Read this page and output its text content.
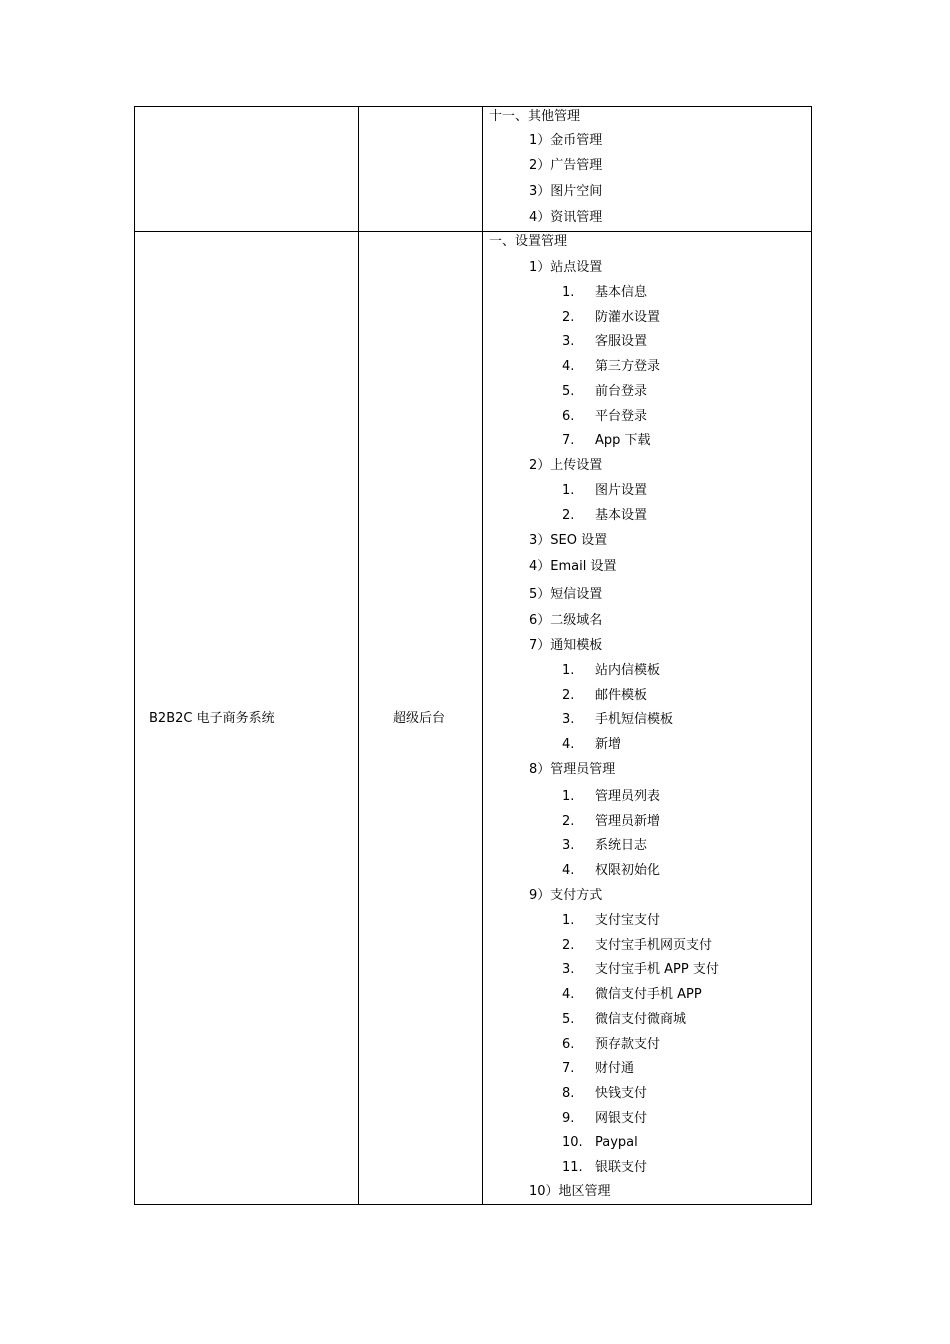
十一、其他管理
1）金币管理
2）广告管理
3）图片空间
4）资讯管理
B2B2C 电子商务系统	超级后台
一、设置管理
1）站点设置
1. 基本信息
2. 防灌水设置
3. 客服设置
4. 第三方登录
5. 前台登录
6. 平台登录
7. App 下载
2）上传设置
1. 图片设置
2. 基本设置
3）SEO 设置
4）Email 设置
5）短信设置
6）二级域名
7）通知模板
1. 站内信模板
2. 邮件模板
3. 手机短信模板
4. 新增
8）管理员管理
1. 管理员列表
2. 管理员新增
3. 系统日志
4. 权限初始化
9）支付方式
1. 支付宝支付
2. 支付宝手机网页支付
3. 支付宝手机 APP 支付
4. 微信支付手机 APP
5. 微信支付微商城
6. 预存款支付
7. 财付通
8. 快钱支付
9. 网银支付
10. Paypal
11. 银联支付
10）地区管理
